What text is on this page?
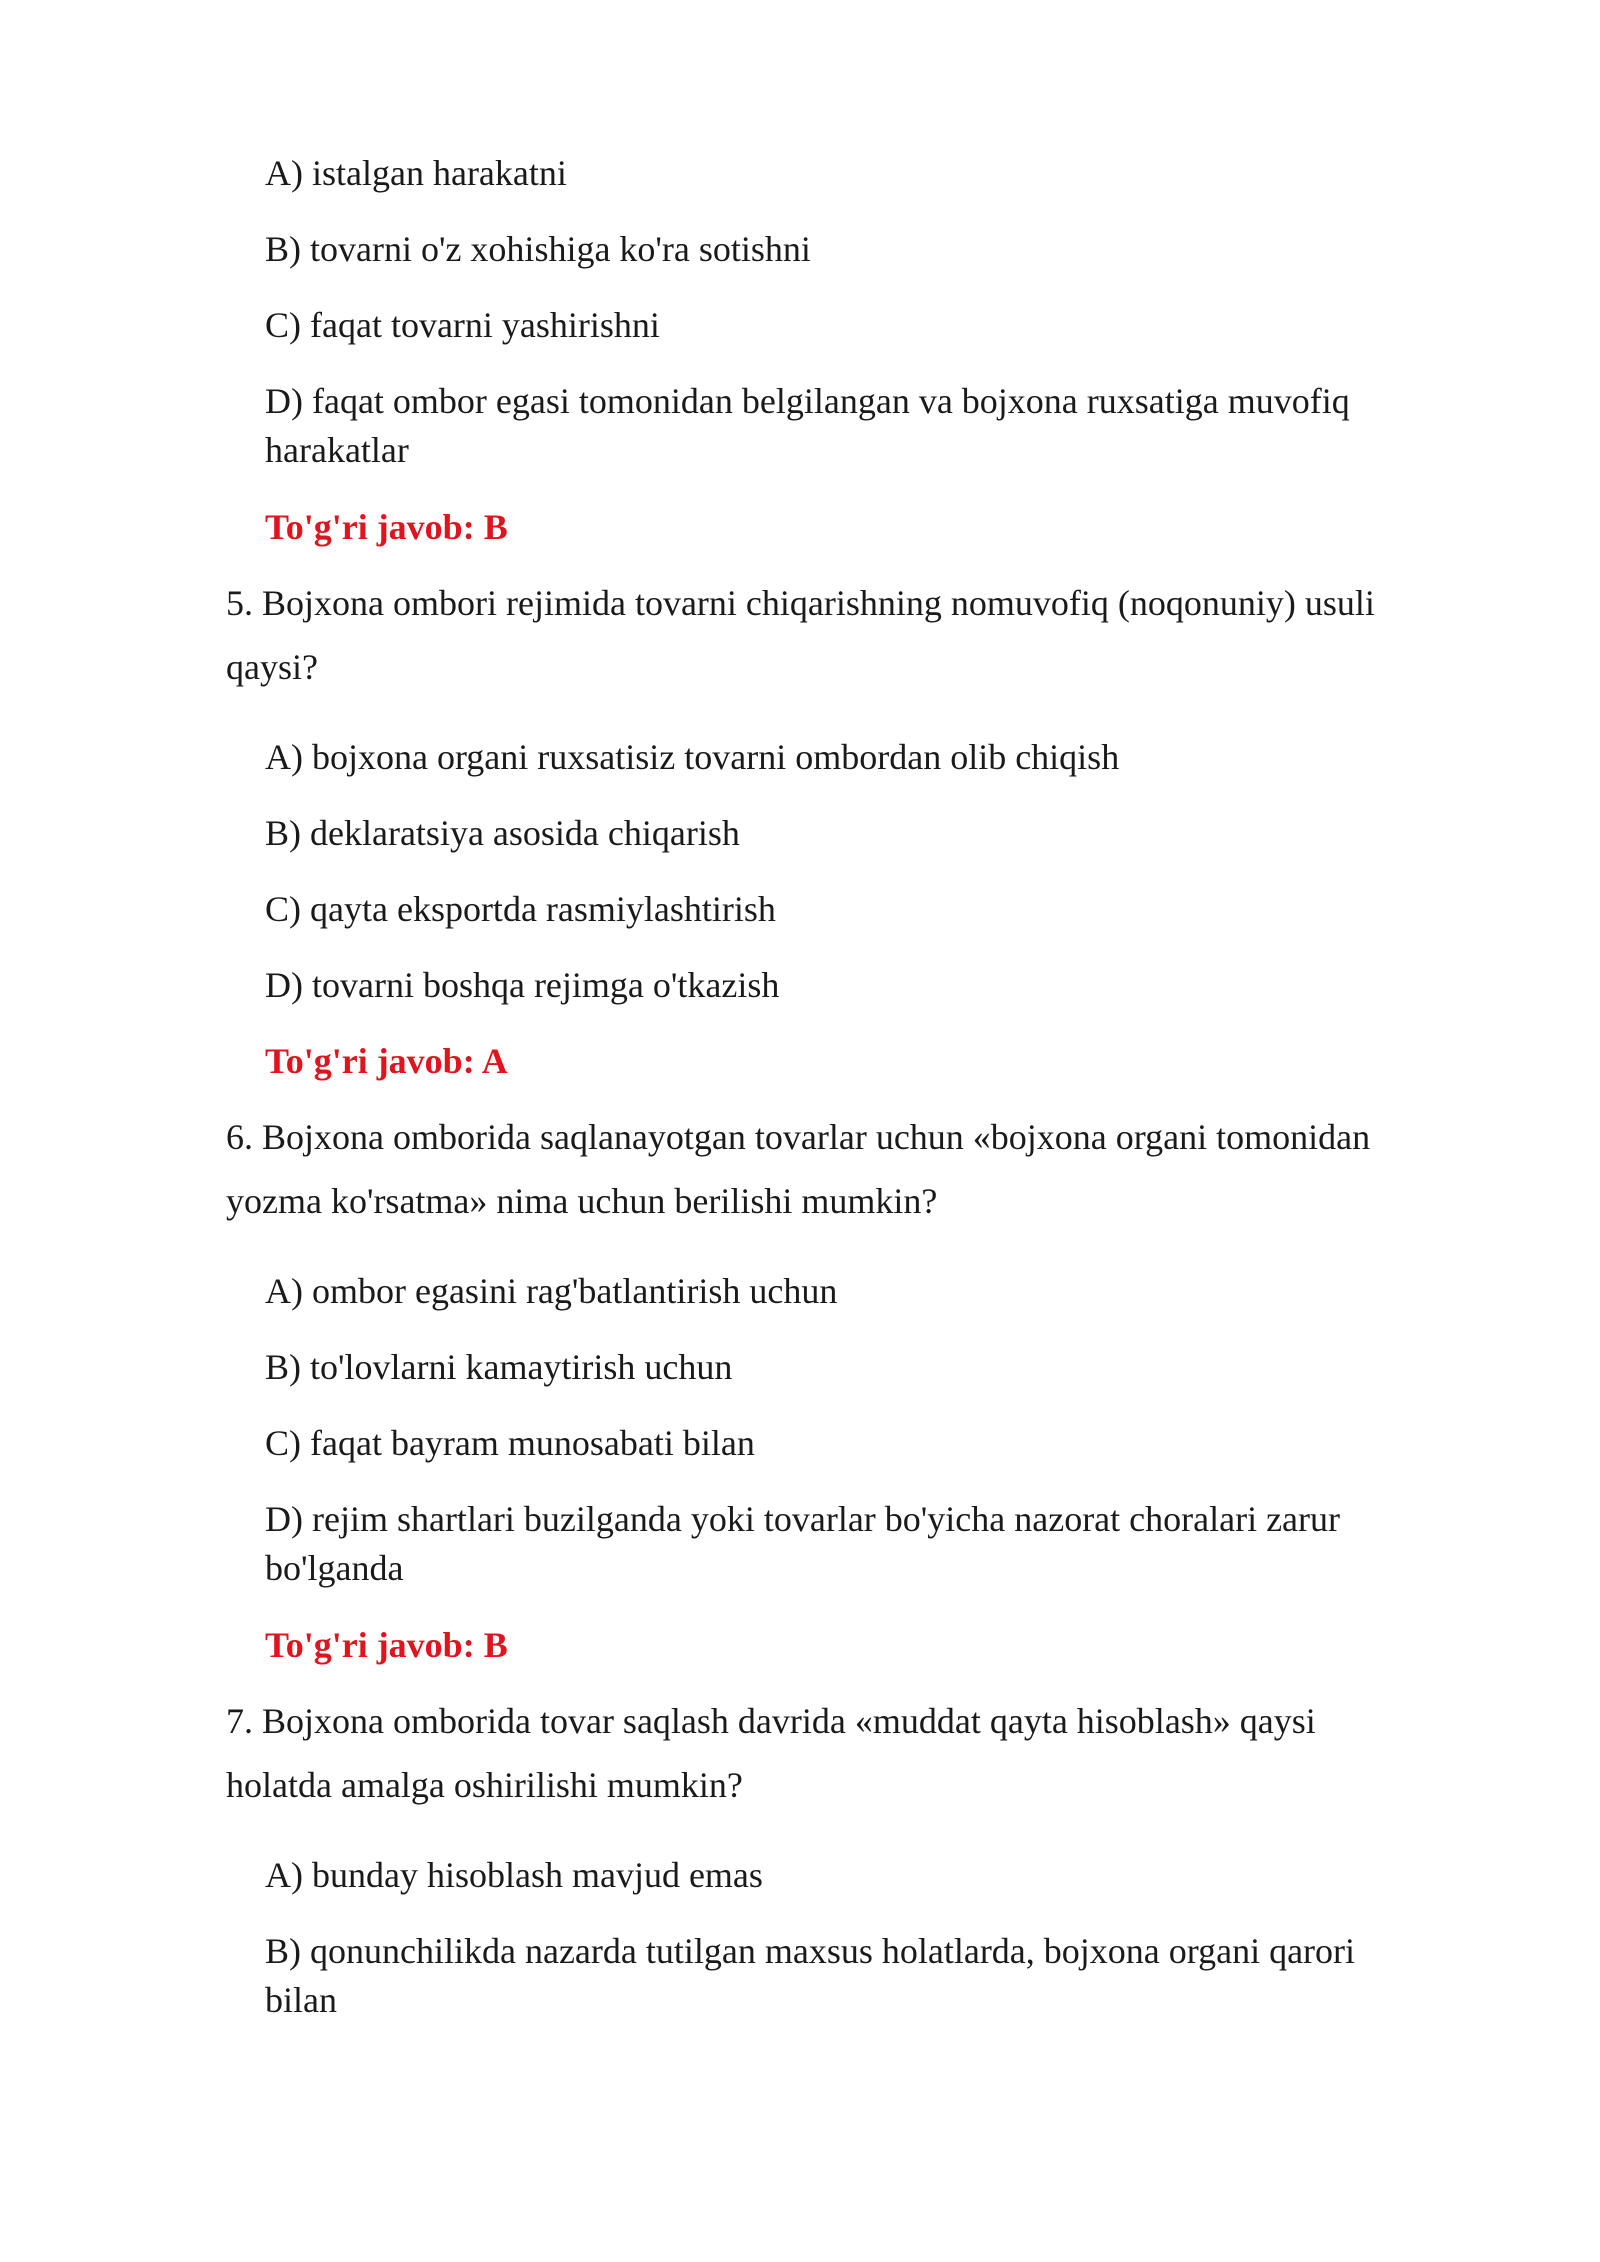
A) istalgan harakatni
B) tovarni o'z xohishiga ko'ra sotishni
C) faqat tovarni yashirishni
D) faqat ombor egasi tomonidan belgilangan va bojxona ruxsatiga muvofiq
harakatlar
To'g'ri javob: B
5. Bojxona ombori rejimida tovarni chiqarishning nomuvofiq (noqonuniy) usuli
qaysi?
A) bojxona organi ruxsatisiz tovarni ombordan olib chiqish
B) deklaratsiya asosida chiqarish
C) qayta eksportda rasmiylashtirish
D) tovarni boshqa rejimga o'tkazish
To'g'ri javob: A
6. Bojxona omborida saqlanayotgan tovarlar uchun «bojxona organi tomonidan
yozma ko'rsatma» nima uchun berilishi mumkin?
A) ombor egasini rag'batlantirish uchun
B) to'lovlarni kamaytirish uchun
C) faqat bayram munosabati bilan
D) rejim shartlari buzilganda yoki tovarlar bo'yicha nazorat choralari zarur
bo'lganda
To'g'ri javob: B
7. Bojxona omborida tovar saqlash davrida «muddat qayta hisoblash» qaysi
holatda amalga oshirilishi mumkin?
A) bunday hisoblash mavjud emas
B) qonunchilikda nazarda tutilgan maxsus holatlarda, bojxona organi qarori
bilan
